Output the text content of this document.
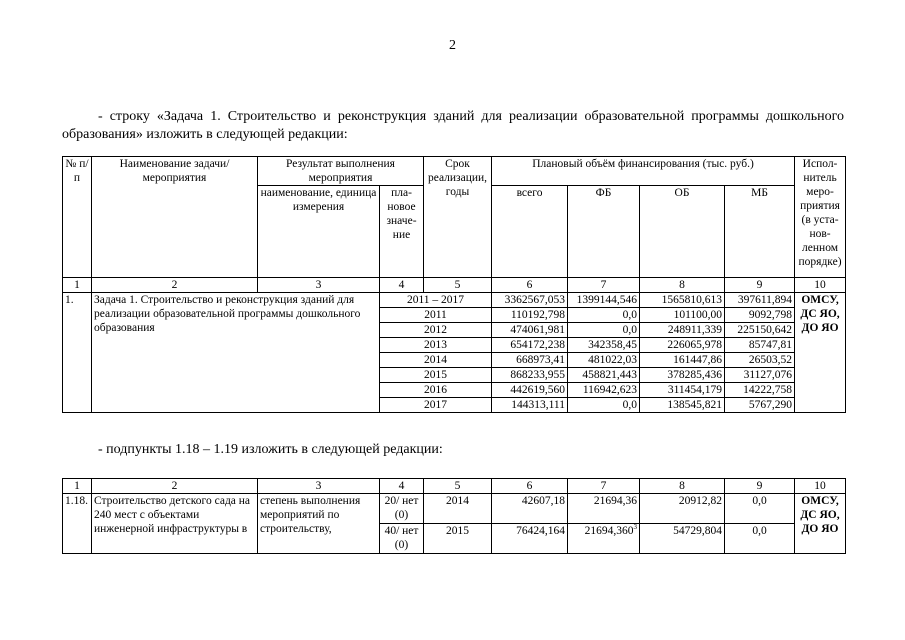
2
- строку «Задача 1. Строительство и реконструкция зданий для реализации образовательной программы дошкольного образования» изложить в следующей редакции:
№ п/п	Наименование задачи/мероприятия	Результат выполнения мероприятия		Срок реализации, годы	Плановый объём финансирования (тыс. руб.)				Испол-нитель меро-приятия (в уста-нов-ленном порядке)
		наименование, единица измерения	пла-новое значе-ние		всего	ФБ	ОБ	МБ	
1	2	3	4	5	6	7	8	9	10
1.	Задача 1. Строительство и реконструкция зданий для реализации образовательной программы дошкольного образования		2011 – 2017		3362567,053	1399144,546	1565810,613	397611,894	ОМСУ, ДС ЯО, ДО ЯО
			2011		110192,798	0,0	101100,00	9092,798	
			2012		474061,981	0,0	248911,339	225150,642	
			2013		654172,238	342358,45	226065,978	85747,81	
			2014		668973,41	481022,03	161447,86	26503,52	
			2015		868233,955	458821,443	378285,436	31127,076	
			2016		442619,560	116942,623	311454,179	14222,758	
			2017		144313,111	0,0	138545,821	5767,290	
- подпункты 1.18 – 1.19 изложить в следующей редакции:
1	2	3	4	5	6	7	8	9	10
1.18.	Строительство детского сада на 240 мест с объектами инженерной инфраструктуры в	степень выполнения мероприятий по строительству,	20/ нет (0)	2014	42607,18	21694,36	20912,82	0,0	ОМСУ, ДС ЯО, ДО ЯО
			40/ нет (0)	2015	76424,164	21694,360$^3$	54729,804	0,0	
